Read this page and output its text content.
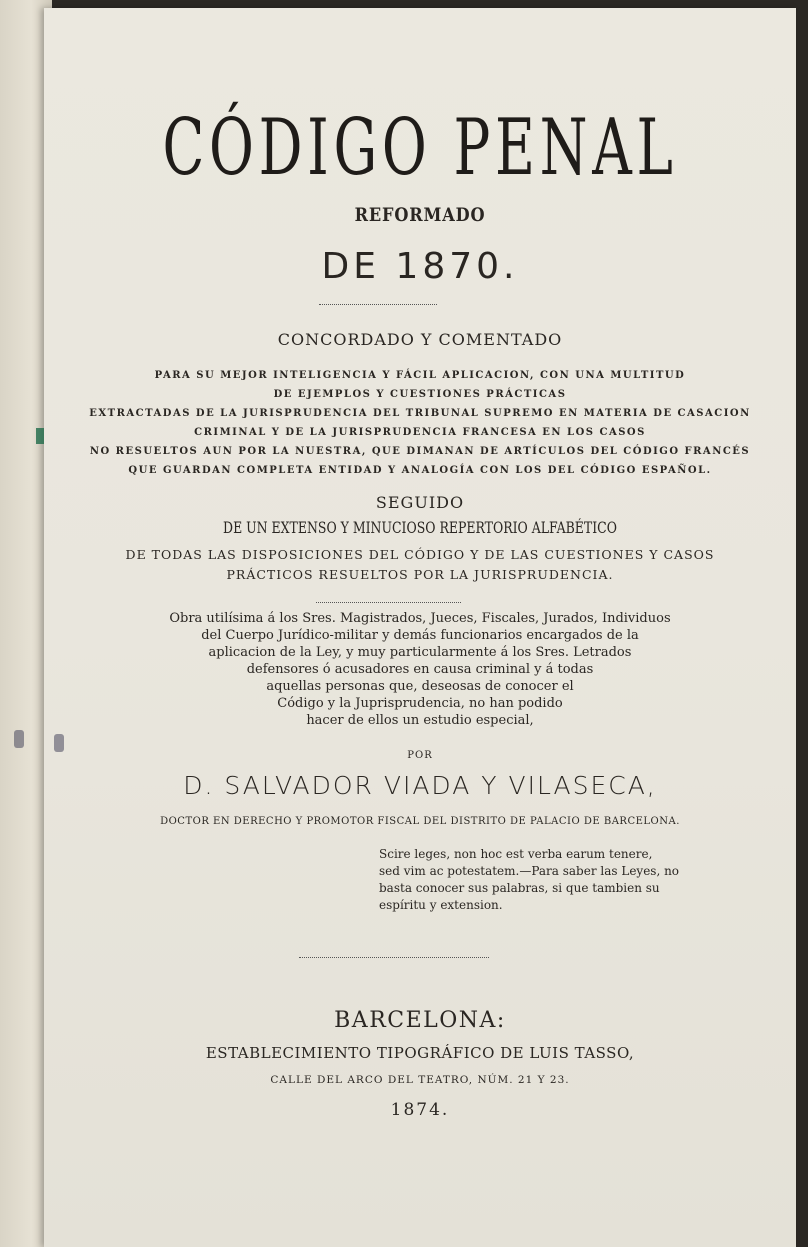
CÓDIGO PENAL
REFORMADO
DE 1870.
CONCORDADO Y COMENTADO
PARA SU MEJOR INTELIGENCIA Y FÁCIL APLICACION, CON UNA MULTITUD
DE EJEMPLOS Y CUESTIONES PRÁCTICAS
EXTRACTADAS DE LA JURISPRUDENCIA DEL TRIBUNAL SUPREMO EN MATERIA DE CASACION
CRIMINAL Y DE LA JURISPRUDENCIA FRANCESA EN LOS CASOS
NO RESUELTOS AUN POR LA NUESTRA, QUE DIMANAN DE ARTÍCULOS DEL CÓDIGO FRANCÉS
QUE GUARDAN COMPLETA ENTIDAD Y ANALOGÍA CON LOS DEL CÓDIGO ESPAÑOL.
SEGUIDO
DE UN EXTENSO Y MINUCIOSO REPERTORIO ALFABÉTICO
DE TODAS LAS DISPOSICIONES DEL CÓDIGO Y DE LAS CUESTIONES Y CASOS
PRÁCTICOS RESUELTOS POR LA JURISPRUDENCIA.
Obra utilísima á los Sres. Magistrados, Jueces, Fiscales, Jurados, Individuos
del Cuerpo Jurídico-militar y demás funcionarios encargados de la
aplicacion de la Ley, y muy particularmente á los Sres. Letrados
defensores ó acusadores en causa criminal y á todas
aquellas personas que, deseosas de conocer el
Código y la Juprisprudencia, no han podido
hacer de ellos un estudio especial,
POR
D. SALVADOR VIADA Y VILASECA,
DOCTOR EN DERECHO Y PROMOTOR FISCAL DEL DISTRITO DE PALACIO DE BARCELONA.
Scire leges, non hoc est verba earum tenere,
sed vim ac potestatem.—Para saber las Leyes, no
basta conocer sus palabras, si que tambien su
espíritu y extension.
BARCELONA:
ESTABLECIMIENTO TIPOGRÁFICO DE LUIS TASSO,
CALLE DEL ARCO DEL TEATRO, NÚM. 21 Y 23.
1874.
